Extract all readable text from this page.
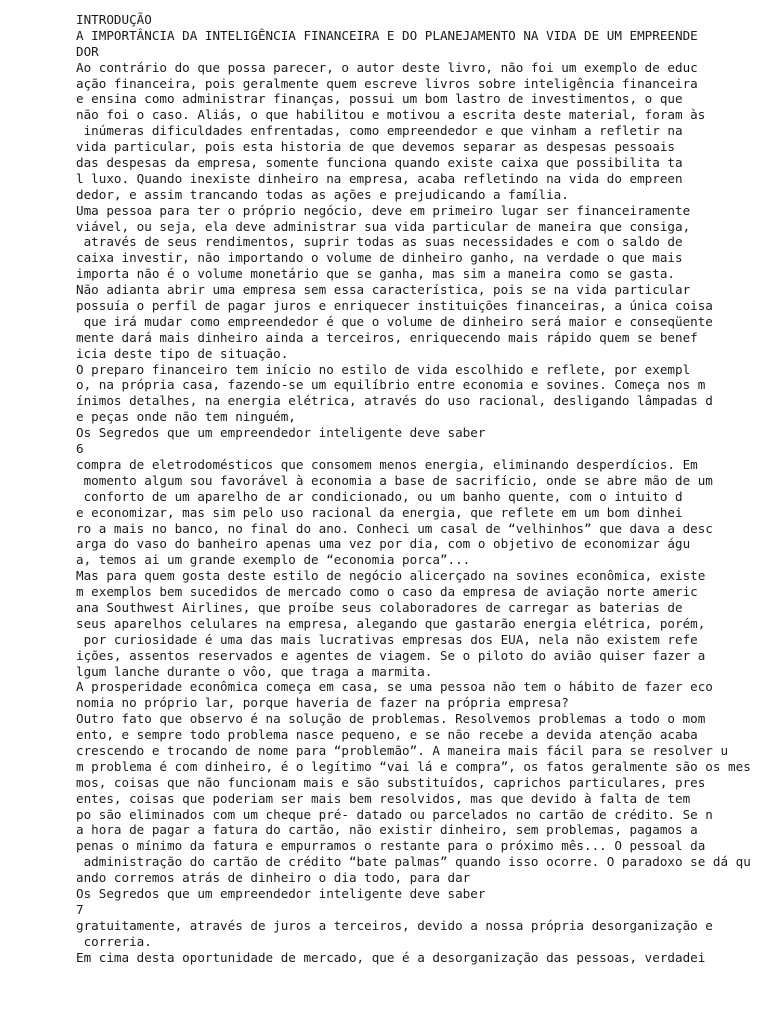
INTRODUÇÃO
A IMPORTÂNCIA DA INTELIGÊNCIA FINANCEIRA E DO PLANEJAMENTO NA VIDA DE UM EMPREENDE
DOR
Ao contrário do que possa parecer, o autor deste livro, não foi um exemplo de educ
ação financeira, pois geralmente quem escreve livros sobre inteligência financeira
e ensina como administrar finanças, possui um bom lastro de investimentos, o que
não foi o caso. Aliás, o que habilitou e motivou a escrita deste material, foram às
inúmeras dificuldades enfrentadas, como empreendedor e que vinham a refletir na
vida particular, pois esta historia de que devemos separar as despesas pessoais
das despesas da empresa, somente funciona quando existe caixa que possibilita ta
l luxo. Quando inexiste dinheiro na empresa, acaba refletindo na vida do empreen
dedor, e assim trancando todas as ações e prejudicando a família.
Uma pessoa para ter o próprio negócio, deve em primeiro lugar ser financeiramente
viável, ou seja, ela deve administrar sua vida particular de maneira que consiga,
através de seus rendimentos, suprir todas as suas necessidades e com o saldo de
caixa investir, não importando o volume de dinheiro ganho, na verdade o que mais
importa não é o volume monetário que se ganha, mas sim a maneira como se gasta.
Não adianta abrir uma empresa sem essa característica, pois se na vida particular
possuía o perfil de pagar juros e enriquecer instituições financeiras, a única coisa
que irá mudar como empreendedor é que o volume de dinheiro será maior e conseqüente
mente dará mais dinheiro ainda a terceiros, enriquecendo mais rápido quem se benef
icia deste tipo de situação.
O preparo financeiro tem início no estilo de vida escolhido e reflete, por exempl
o, na própria casa, fazendo-se um equilíbrio entre economia e sovines. Começa nos m
ínimos detalhes, na energia elétrica, através do uso racional, desligando lâmpadas d
e peças onde não tem ninguém,
Os Segredos que um empreendedor inteligente deve saber
6
compra de eletrodomésticos que consomem menos energia, eliminando desperdícios. Em
momento algum sou favorável à economia a base de sacrifício, onde se abre mão de um
conforto de um aparelho de ar condicionado, ou um banho quente, com o intuito d
e economizar, mas sim pelo uso racional da energia, que reflete em um bom dinhei
ro a mais no banco, no final do ano. Conheci um casal de “velhinhos” que dava a desc
arga do vaso do banheiro apenas uma vez por dia, com o objetivo de economizar águ
a, temos ai um grande exemplo de “economia porca”...
Mas para quem gosta deste estilo de negócio alicerçado na sovines econômica, existe
m exemplos bem sucedidos de mercado como o caso da empresa de aviação norte americ
ana Southwest Airlines, que proíbe seus colaboradores de carregar as baterias de
seus aparelhos celulares na empresa, alegando que gastarão energia elétrica, porém,
por curiosidade é uma das mais lucrativas empresas dos EUA, nela não existem refe
ições, assentos reservados e agentes de viagem. Se o piloto do avião quiser fazer a
lgum lanche durante o vôo, que traga a marmita.
A prosperidade econômica começa em casa, se uma pessoa não tem o hábito de fazer eco
nomia no próprio lar, porque haveria de fazer na própria empresa?
Outro fato que observo é na solução de problemas. Resolvemos problemas a todo o mom
ento, e sempre todo problema nasce pequeno, e se não recebe a devida atenção acaba
crescendo e trocando de nome para “problemão”. A maneira mais fácil para se resolver u
m problema é com dinheiro, é o legítimo “vai lá e compra”, os fatos geralmente são os mes
mos, coisas que não funcionam mais e são substituídos, caprichos particulares, pres
entes, coisas que poderiam ser mais bem resolvidos, mas que devido à falta de tem
po são eliminados com um cheque pré- datado ou parcelados no cartão de crédito. Se n
a hora de pagar a fatura do cartão, não existir dinheiro, sem problemas, pagamos a
penas o mínimo da fatura e empurramos o restante para o próximo mês... O pessoal da
administração do cartão de crédito “bate palmas” quando isso ocorre. O paradoxo se dá qu
ando corremos atrás de dinheiro o dia todo, para dar
Os Segredos que um empreendedor inteligente deve saber
7
gratuitamente, através de juros a terceiros, devido a nossa própria desorganização e
correria.
Em cima desta oportunidade de mercado, que é a desorganização das pessoas, verdadei
